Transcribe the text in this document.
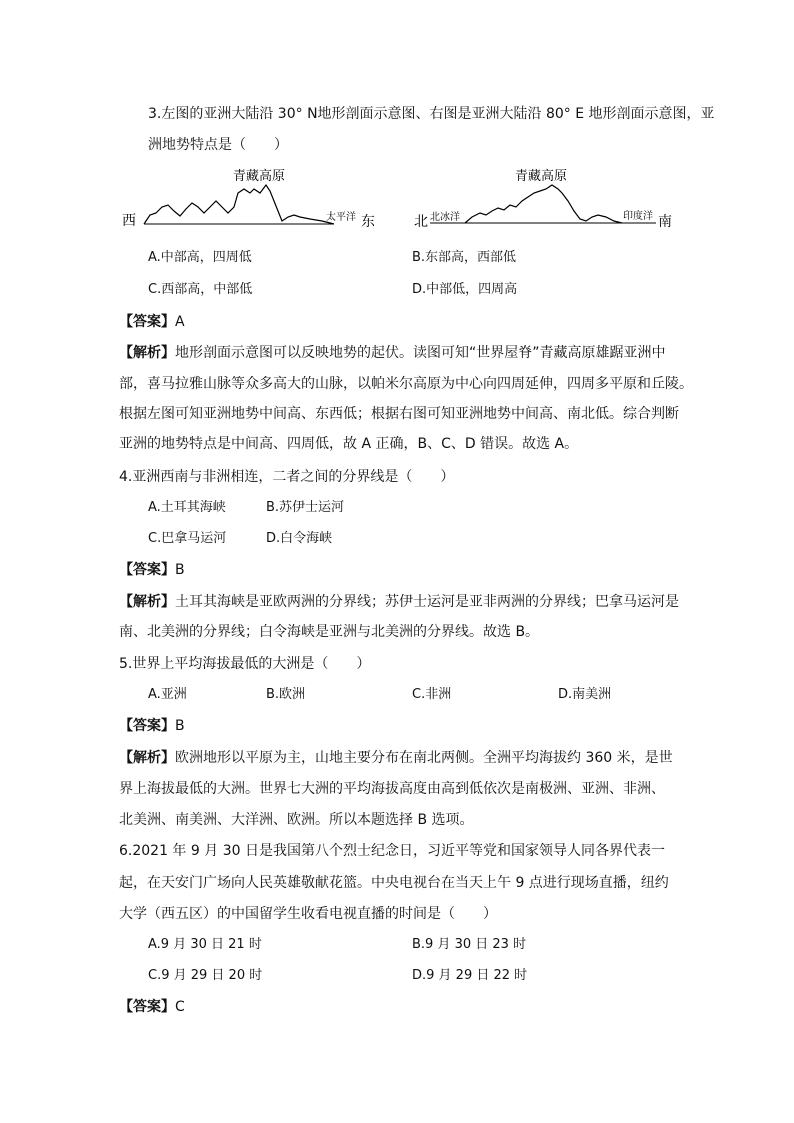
3.左图的亚洲大陆沿 30° N地形剖面示意图、右图是亚洲大陆沿 80° E 地形剖面示意图，亚
洲地势特点是（　　）
青藏高原
西	太平洋 东
青藏高原
北 北冰洋	印度洋 南
A.中部高，四周低	B.东部高，西部低
C.西部高，中部低	D.中部低，四周高
【答案】A
【解析】地形剖面示意图可以反映地势的起伏。读图可知“世界屋脊”青藏高原雄踞亚洲中
部，喜马拉雅山脉等众多高大的山脉，以帕米尔高原为中心向四周延伸，四周多平原和丘陵。
根据左图可知亚洲地势中间高、东西低；根据右图可知亚洲地势中间高、南北低。综合判断
亚洲的地势特点是中间高、四周低，故 A 正确，B、C、D 错误。故选 A。
4.亚洲西南与非洲相连，二者之间的分界线是（　　）
A.土耳其海峡	B.苏伊士运河
C.巴拿马运河	D.白令海峡
【答案】B
【解析】土耳其海峡是亚欧两洲的分界线；苏伊士运河是亚非两洲的分界线；巴拿马运河是
南、北美洲的分界线；白令海峡是亚洲与北美洲的分界线。故选 B。
5.世界上平均海拔最低的大洲是（　　）
A.亚洲	B.欧洲	C.非洲	D.南美洲
【答案】B
【解析】欧洲地形以平原为主，山地主要分布在南北两侧。全洲平均海拔约 360 米，是世
界上海拔最低的大洲。世界七大洲的平均海拔高度由高到低依次是南极洲、亚洲、非洲、
北美洲、南美洲、大洋洲、欧洲。所以本题选择 B 选项。
6.2021 年 9 月 30 日是我国第八个烈士纪念日，习近平等党和国家领导人同各界代表一
起，在天安门广场向人民英雄敬献花篮。中央电视台在当天上午 9 点进行现场直播，纽约
大学（西五区）的中国留学生收看电视直播的时间是（　　）
A.9 月 30 日 21 时	B.9 月 30 日 23 时
C.9 月 29 日 20 时	D.9 月 29 日 22 时
【答案】C
